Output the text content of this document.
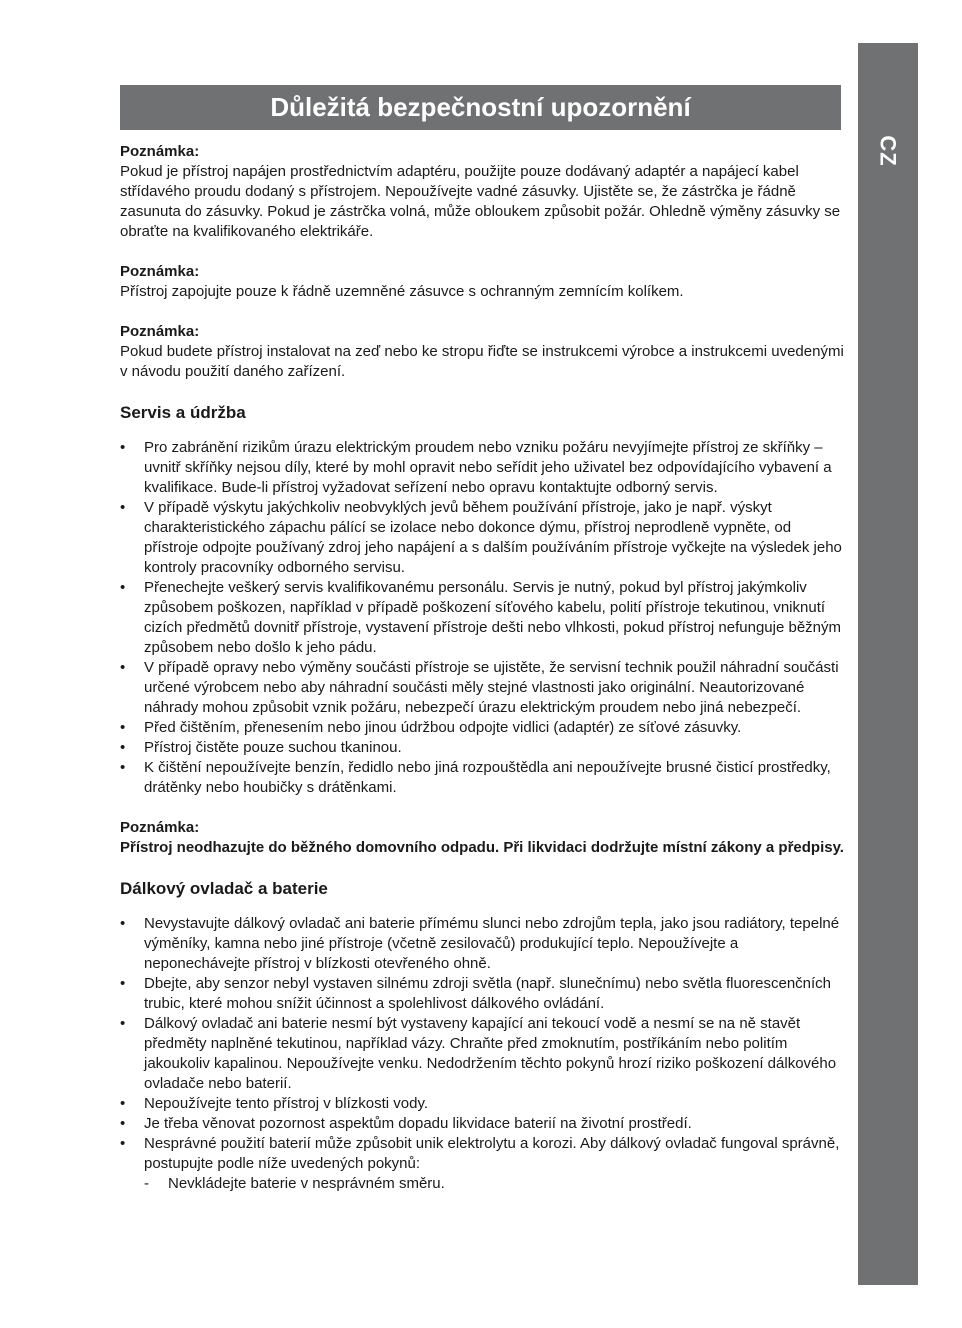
CZ
5
Důležitá bezpečnostní upozornění

Poznámka:

Pokud je přístroj napájen prostřednictvím adaptéru, použijte pouze dodávaný adaptér a napájecí kabel střídavého proudu dodaný s přístrojem. Nepoužívejte vadné zásuvky. Ujistěte se, že zástrčka je řádně zasunuta do zásuvky. Pokud je zástrčka volná, může obloukem způsobit požár. Ohledně výměny zásuvky se obraťte na kvalifikovaného elektrikáře.

Poznámka:

Přístroj zapojujte pouze k řádně uzemněné zásuvce s ochranným zemnícím kolíkem.

Poznámka:

Pokud budete přístroj instalovat na zeď nebo ke stropu řiďte se instrukcemi výrobce a instrukcemi uvedenými v návodu použití daného zařízení.

Servis a údržba
• Pro zabránění rizikům úrazu elektrickým proudem nebo vzniku požáru nevyjímejte přístroj ze skříňky – uvnitř skříňky nejsou díly, které by mohl opravit nebo seřídit jeho uživatel bez odpovídajícího vybavení a kvalifikace. Bude-li přístroj vyžadovat seřízení nebo opravu kontaktujte odborný servis.
• V případě výskytu jakýchkoliv neobvyklých jevů během používání přístroje, jako je např. výskyt charakteristického zápachu pálící se izolace nebo dokonce dýmu, přístroj neprodleně vypněte, od přístroje odpojte používaný zdroj jeho napájení a s dalším používáním přístroje vyčkejte na výsledek jeho kontroly pracovníky odborného servisu.
• Přenechejte veškerý servis kvalifikovanému personálu. Servis je nutný, pokud byl přístroj jakýmkoliv způsobem poškozen, například v případě poškození síťového kabelu, polití přístroje tekutinou, vniknutí cizích předmětů dovnitř přístroje, vystavení přístroje dešti nebo vlhkosti, pokud přístroj nefunguje běžným způsobem nebo došlo k jeho pádu.
• V případě opravy nebo výměny součásti přístroje se ujistěte, že servisní technik použil náhradní součásti určené výrobcem nebo aby náhradní součásti měly stejné vlastnosti jako originální. Neautorizované náhrady mohou způsobit vznik požáru, nebezpečí úrazu elektrickým proudem nebo jiná nebezpečí.
• Před čištěním, přenesením nebo jinou údržbou odpojte vidlici (adaptér) ze síťové zásuvky.
• Přístroj čistěte pouze suchou tkaninou.
• K čištění nepoužívejte benzín, ředidlo nebo jiná rozpouštědla ani nepoužívejte brusné čisticí prostředky, drátěnky nebo houbičky s drátěnkami.

Poznámka:

Přístroj neodhazujte do běžného domovního odpadu. Při likvidaci dodržujte místní zákony a předpisy.

Dálkový ovladač a baterie
• Nevystavujte dálkový ovladač ani baterie přímému slunci nebo zdrojům tepla, jako jsou radiátory, tepelné výměníky, kamna nebo jiné přístroje (včetně zesilovačů) produkující teplo. Nepoužívejte a neponechávejte přístroj v blízkosti otevřeného ohně.
• Dbejte, aby senzor nebyl vystaven silnému zdroji světla (např. slunečnímu) nebo světla fluorescenčních trubic, které mohou snížit účinnost a spolehlivost dálkového ovládání.
• Dálkový ovladač ani baterie nesmí být vystaveny kapající ani tekoucí vodě a nesmí se na ně stavět předměty naplněné tekutinou, například vázy. Chraňte před zmoknutím, postříkáním nebo politím jakoukoliv kapalinou. Nepoužívejte venku. Nedodržením těchto pokynů hrozí riziko poškození dálkového ovladače nebo baterií.
• Nepoužívejte tento přístroj v blízkosti vody.
• Je třeba věnovat pozornost aspektům dopadu likvidace baterií na životní prostředí.
• Nesprávné použití baterií může způsobit unik elektrolytu a korozi. Aby dálkový ovladač fungoval správně, postupujte podle níže uvedených pokynů:
- Nevkládejte baterie v nesprávném směru.
